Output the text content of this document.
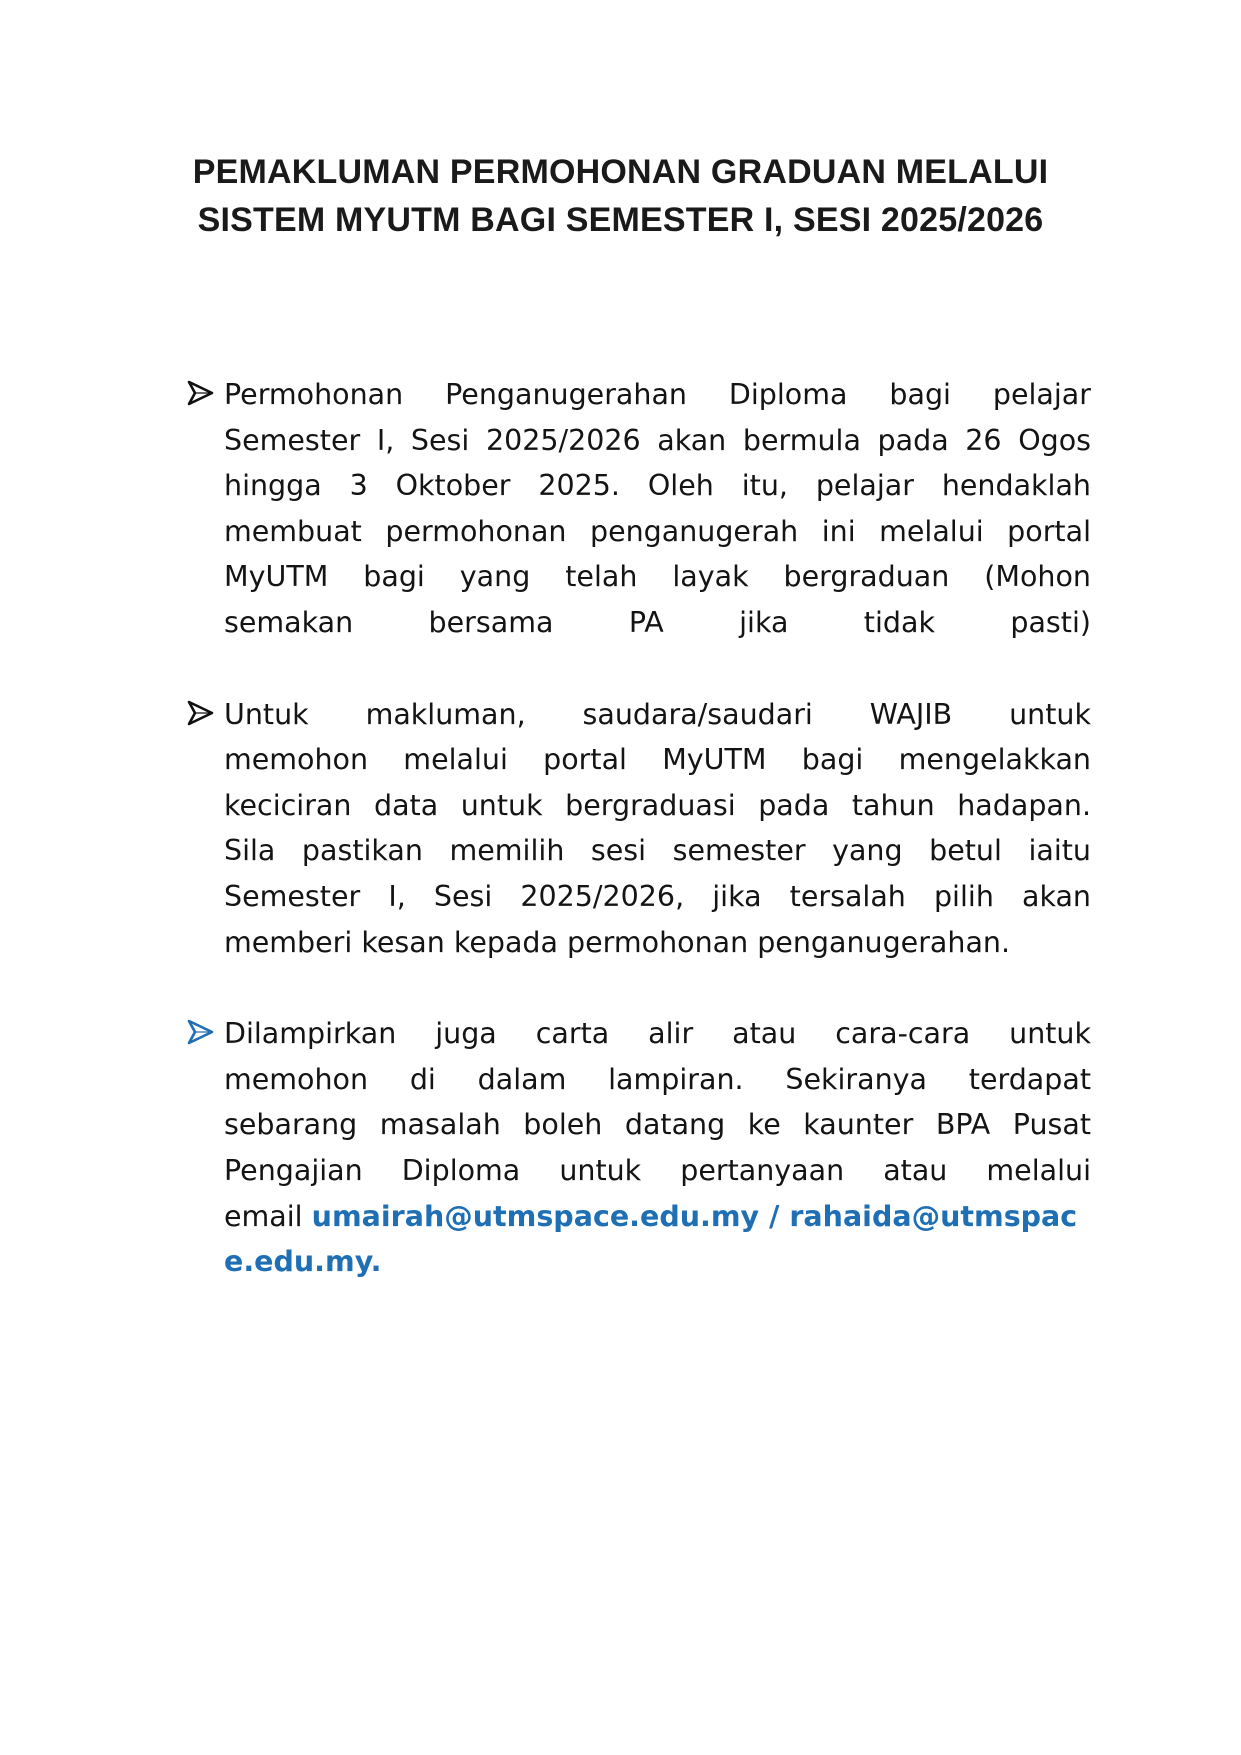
PEMAKLUMAN PERMOHONAN GRADUAN MELALUI
SISTEM MYUTM BAGI SEMESTER I, SESI 2025/2026

Permohonan Penganugerahan Diploma bagi pelajar
Semester I, Sesi 2025/2026 akan bermula pada 26 Ogos
hingga 3 Oktober 2025. Oleh itu, pelajar hendaklah
membuat permohonan penganugerah ini melalui portal
MyUTM bagi yang telah layak bergraduan (Mohon
semakan bersama PA jika tidak pasti)

Untuk makluman, saudara/saudari WAJIB untuk
memohon melalui portal MyUTM bagi mengelakkan
keciciran data untuk bergraduasi pada tahun hadapan.
Sila pastikan memilih sesi semester yang betul iaitu
Semester I, Sesi 2025/2026, jika tersalah pilih akan
memberi kesan kepada permohonan penganugerahan.

Dilampirkan juga carta alir atau cara-cara untuk
memohon di dalam lampiran. Sekiranya terdapat
sebarang masalah boleh datang ke kaunter BPA Pusat
Pengajian Diploma untuk pertanyaan atau melalui
email umairah@utmspace.edu.my / rahaida@utmspac
e.edu.my.
